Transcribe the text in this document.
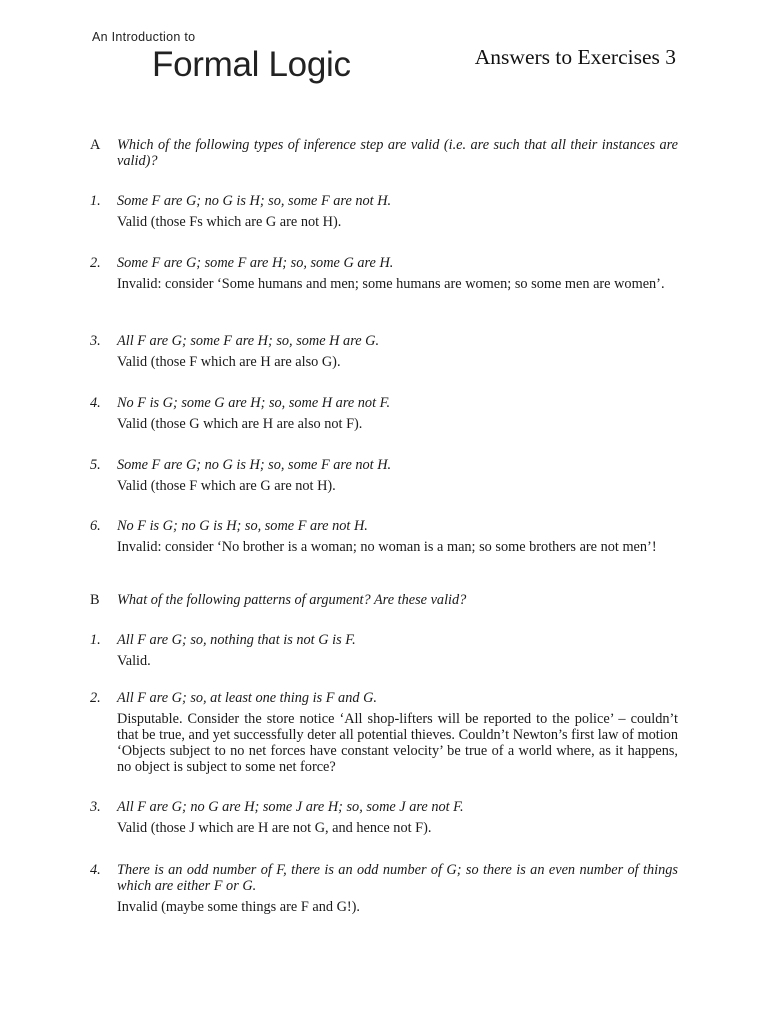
An Introduction to
Formal Logic	Answers to Exercises 3
A	Which of the following types of inference step are valid (i.e. are such that all their instances are valid)?
1.	Some F are G; no G is H; so, some F are not H.
Valid (those Fs which are G are not H).
2.	Some F are G; some F are H; so, some G are H.
Invalid: consider ‘Some humans and men; some humans are women; so some men are women’.
3.	All F are G; some F are H; so, some H are G.
Valid (those F which are H are also G).
4.	No F is G; some G are H; so, some H are not F.
Valid (those G which are H are also not F).
5.	Some F are G; no G is H; so, some F are not H.
Valid (those F which are G are not H).
6.	No F is G; no G is H; so, some F are not H.
Invalid: consider ‘No brother is a woman; no woman is a man; so some brothers are not men’!
B	What of the following patterns of argument? Are these valid?
1.	All F are G; so, nothing that is not G is F.
Valid.
2.	All F are G; so, at least one thing is F and G.
Disputable. Consider the store notice ‘All shop-lifters will be reported to the police’ – couldn’t that be true, and yet successfully deter all potential thieves. Couldn’t Newton’s first law of motion ‘Objects subject to no net forces have constant velocity’ be true of a world where, as it happens, no object is subject to some net force?
3.	All F are G; no G are H; some J are H; so, some J are not F.
Valid (those J which are H are not G, and hence not F).
4.	There is an odd number of F, there is an odd number of G; so there is an even number of things which are either F or G.
Invalid (maybe some things are F and G!).
